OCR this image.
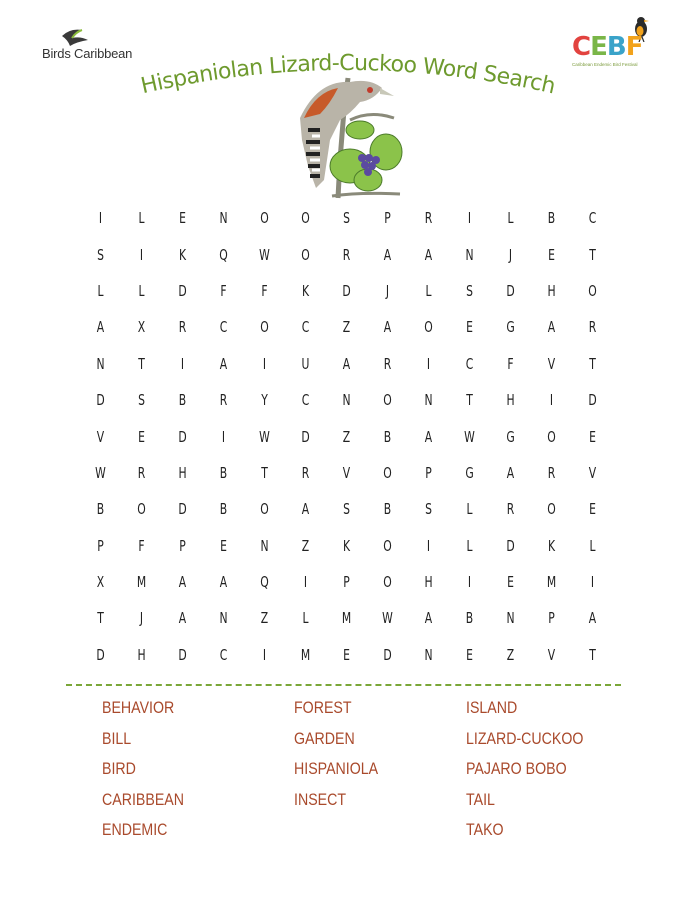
Birds Caribbean	CEBF
Caribbean Endemic Bird Festival
Hispaniolan Lizard-Cuckoo Word Search
I	L	E	N	O	O	S	P	R	I	L	B	C
S	I	K	Q	W	O	R	A	A	N	J	E	T
L	L	D	F	F	K	D	J	L	S	D	H	O
A	X	R	C	O	C	Z	A	O	E	G	A	R
N	T	I	A	I	U	A	R	I	C	F	V	T
D	S	B	R	Y	C	N	O	N	T	H	I	D
V	E	D	I	W	D	Z	B	A	W	G	O	E
W	R	H	B	T	R	V	O	P	G	A	R	V
B	O	D	B	O	A	S	B	S	L	R	O	E
P	F	P	E	N	Z	K	O	I	L	D	K	L
X	M	A	A	Q	I	P	O	H	I	E	M	I
T	J	A	N	Z	L	M	W	A	B	N	P	A
D	H	D	C	I	M	E	D	N	E	Z	V	T
BEHAVIOR
BILL
BIRD
CARIBBEAN
ENDEMIC
FOREST
GARDEN
HISPANIOLA
INSECT
ISLAND
LIZARD-CUCKOO
PAJARO BOBO
TAIL
TAKO
